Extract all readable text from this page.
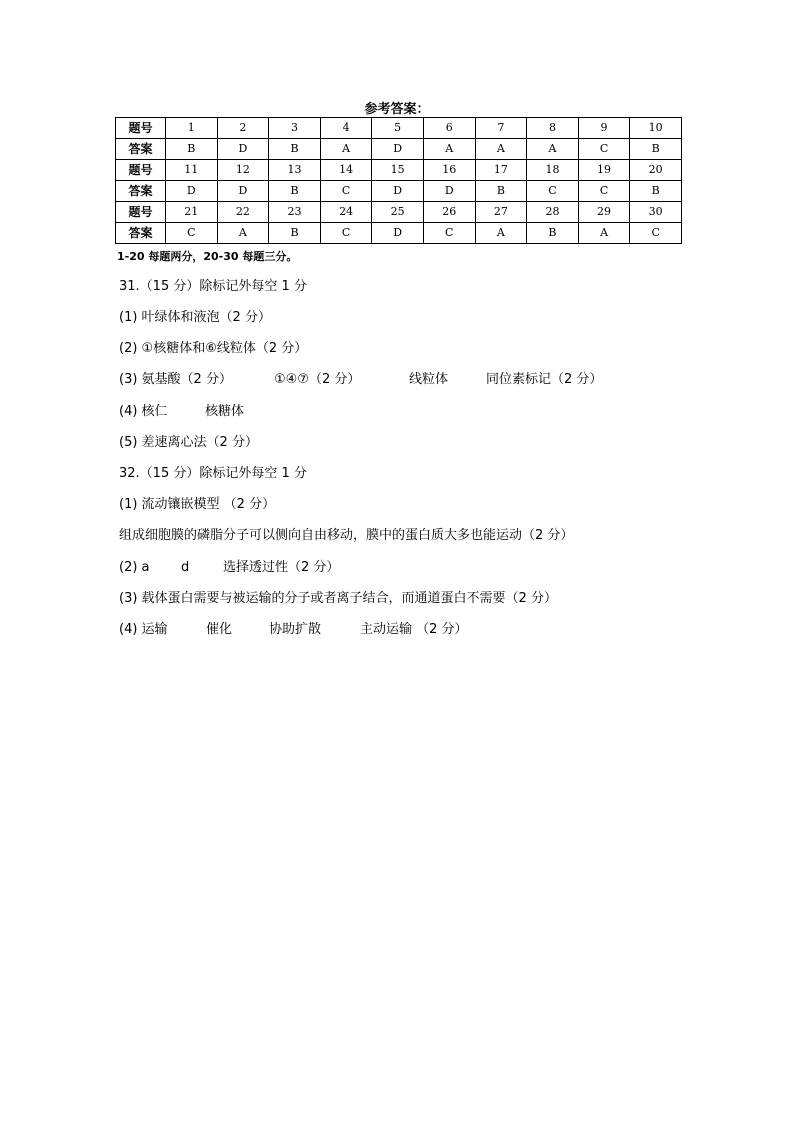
参考答案：
题号	1	2	3	4	5	6	7	8	9	10
答案	B	D	B	A	D	A	A	A	C	B
题号	11	12	13	14	15	16	17	18	19	20
答案	D	D	B	C	D	D	B	C	C	B
题号	21	22	23	24	25	26	27	28	29	30
答案	C	A	B	C	D	C	A	B	A	C
1-20 每题两分，20-30 每题三分。
31.（15 分）除标记外每空 1 分
(1) 叶绿体和液泡（2 分）
(2) ①核糖体和⑥线粒体（2 分）
(3) 氨基酸（2 分）	①④⑦（2 分）	线粒体	同位素标记（2 分）
(4) 核仁	核糖体
(5) 差速离心法（2 分）
32.（15 分）除标记外每空 1 分
(1) 流动镶嵌模型 （2 分）
组成细胞膜的磷脂分子可以侧向自由移动，膜中的蛋白质大多也能运动（2 分）
(2) a d	选择透过性（2 分）
(3) 载体蛋白需要与被运输的分子或者离子结合，而通道蛋白不需要（2 分）
(4) 运输	催化	协助扩散	主动运输 （2 分）
